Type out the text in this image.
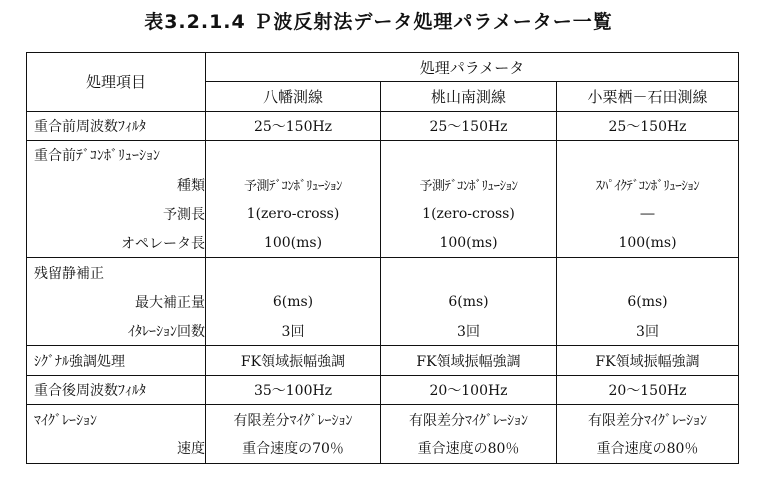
表3.2.1.4 Ｐ波反射法データ処理パラメーター一覧
処理項目	処理パラメータ		
	八幡測線	桃山南測線	小栗栖－石田測線
重合前周波数ﾌｨﾙﾀ	25～150Hz	25～150Hz	25～150Hz
重合前ﾃﾞｺﾝﾎﾞﾘｭｰｼｮﾝ			
種類	予測ﾃﾞｺﾝﾎﾞﾘｭｰｼｮﾝ	予測ﾃﾞｺﾝﾎﾞﾘｭｰｼｮﾝ	ｽﾊﾟｲｸﾃﾞｺﾝﾎﾞﾘｭｰｼｮﾝ
予測長	1(zero-cross)	1(zero-cross)	―
オペレータ長	100(ms)	100(ms)	100(ms)
残留静補正			
最大補正量	6(ms)	6(ms)	6(ms)
ｲﾀﾚｰｼｮﾝ回数	3回	3回	3回
ｼｸﾞﾅﾙ強調処理	FK領域振幅強調	FK領域振幅強調	FK領域振幅強調
重合後周波数ﾌｨﾙﾀ	35～100Hz	20～100Hz	20～150Hz
ﾏｲｸﾞﾚｰｼｮﾝ	有限差分ﾏｲｸﾞﾚｰｼｮﾝ	有限差分ﾏｲｸﾞﾚｰｼｮﾝ	有限差分ﾏｲｸﾞﾚｰｼｮﾝ
速度	重合速度の70％	重合速度の80％	重合速度の80％
